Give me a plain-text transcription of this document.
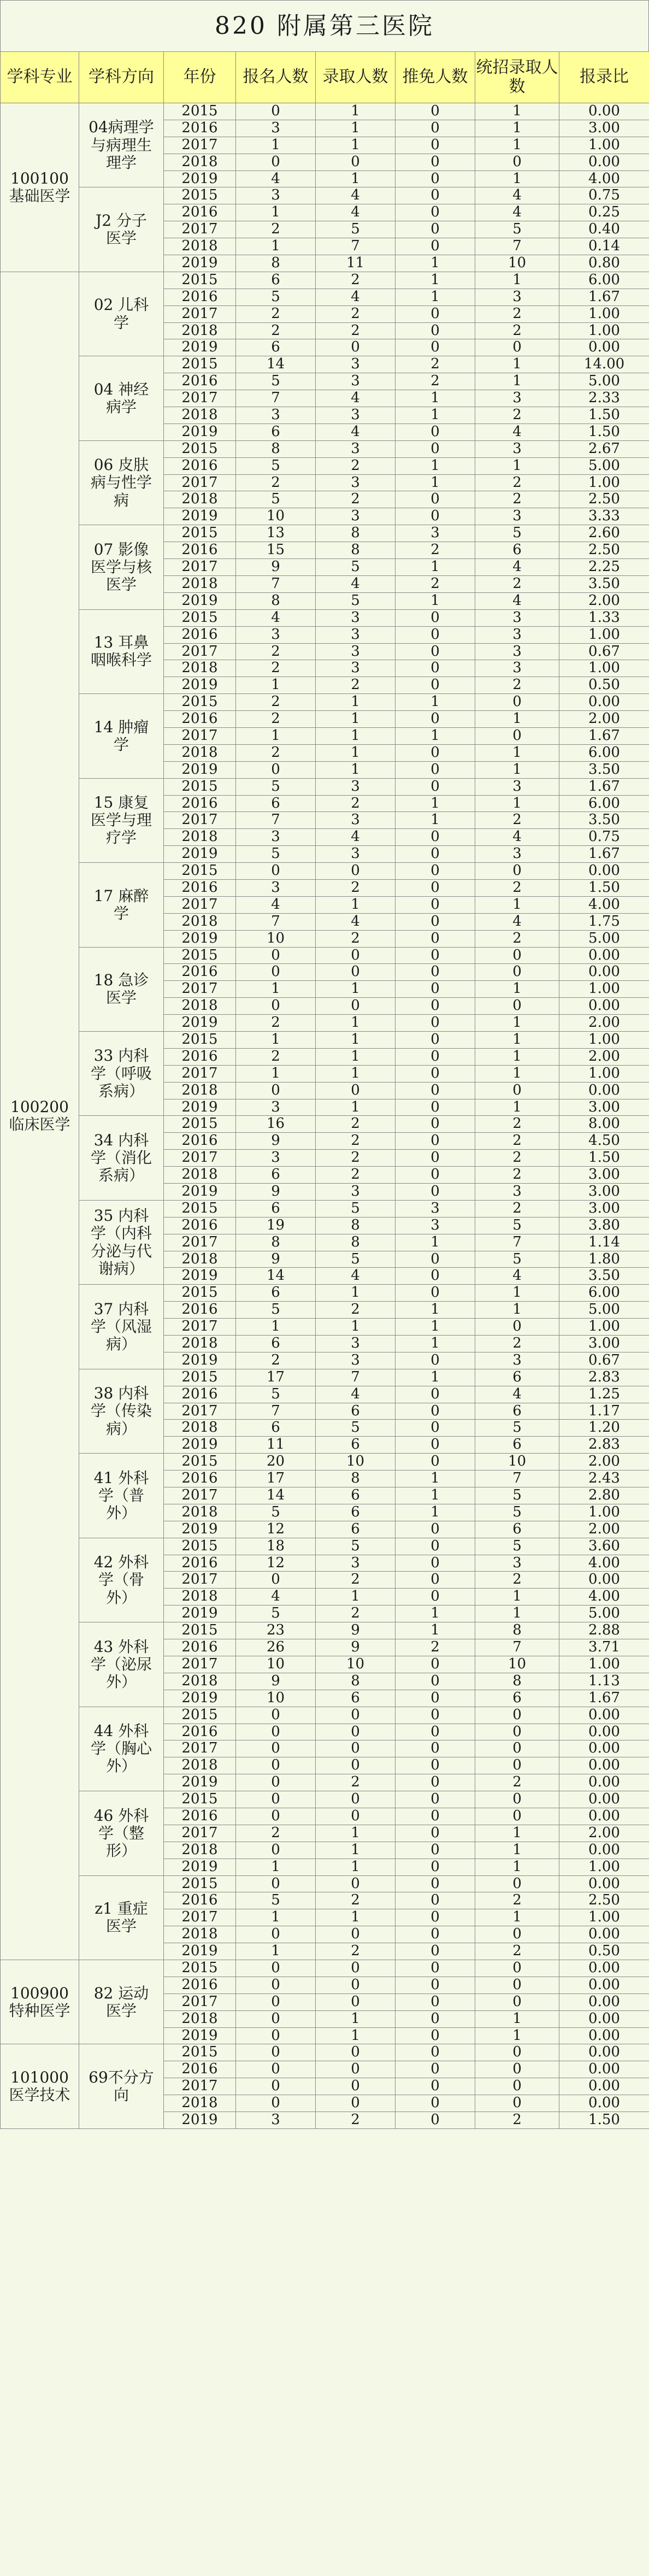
820 附属第三医院
学科专业	学科方向	年份	报名人数	录取人数	推免人数	统招录取人数	报录比
100100
基础医学	04病理学
与病理生
理学	2015	0	1	0	1	0.00
		2016	3	1	0	1	3.00
		2017	1	1	0	1	1.00
		2018	0	0	0	0	0.00
		2019	4	1	0	1	4.00
	J2 分子
医学	2015	3	4	0	4	0.75
		2016	1	4	0	4	0.25
		2017	2	5	0	5	0.40
		2018	1	7	0	7	0.14
		2019	8	11	1	10	0.80
100200
临床医学	02 儿科
学	2015	6	2	1	1	6.00
		2016	5	4	1	3	1.67
		2017	2	2	0	2	1.00
		2018	2	2	0	2	1.00
		2019	6	0	0	0	0.00
	04 神经
病学	2015	14	3	2	1	14.00
		2016	5	3	2	1	5.00
		2017	7	4	1	3	2.33
		2018	3	3	1	2	1.50
		2019	6	4	0	4	1.50
	06 皮肤
病与性学
病	2015	8	3	0	3	2.67
		2016	5	2	1	1	5.00
		2017	2	3	1	2	1.00
		2018	5	2	0	2	2.50
		2019	10	3	0	3	3.33
	07 影像
医学与核
医学	2015	13	8	3	5	2.60
		2016	15	8	2	6	2.50
		2017	9	5	1	4	2.25
		2018	7	4	2	2	3.50
		2019	8	5	1	4	2.00
	13 耳鼻
咽喉科学	2015	4	3	0	3	1.33
		2016	3	3	0	3	1.00
		2017	2	3	0	3	0.67
		2018	2	3	0	3	1.00
		2019	1	2	0	2	0.50
	14 肿瘤
学	2015	2	1	1	0	0.00
		2016	2	1	0	1	2.00
		2017	1	1	1	0	1.67
		2018	2	1	0	1	6.00
		2019	0	1	0	1	3.50
	15 康复
医学与理
疗学	2015	5	3	0	3	1.67
		2016	6	2	1	1	6.00
		2017	7	3	1	2	3.50
		2018	3	4	0	4	0.75
		2019	5	3	0	3	1.67
	17 麻醉
学	2015	0	0	0	0	0.00
		2016	3	2	0	2	1.50
		2017	4	1	0	1	4.00
		2018	7	4	0	4	1.75
		2019	10	2	0	2	5.00
	18 急诊
医学	2015	0	0	0	0	0.00
		2016	0	0	0	0	0.00
		2017	1	1	0	1	1.00
		2018	0	0	0	0	0.00
		2019	2	1	0	1	2.00
	33 内科
学（呼吸
系病）	2015	1	1	0	1	1.00
		2016	2	1	0	1	2.00
		2017	1	1	0	1	1.00
		2018	0	0	0	0	0.00
		2019	3	1	0	1	3.00
	34 内科
学（消化
系病）	2015	16	2	0	2	8.00
		2016	9	2	0	2	4.50
		2017	3	2	0	2	1.50
		2018	6	2	0	2	3.00
		2019	9	3	0	3	3.00
	35 内科
学（内科
分泌与代
谢病）	2015	6	5	3	2	3.00
		2016	19	8	3	5	3.80
		2017	8	8	1	7	1.14
		2018	9	5	0	5	1.80
		2019	14	4	0	4	3.50
	37 内科
学（风湿
病）	2015	6	1	0	1	6.00
		2016	5	2	1	1	5.00
		2017	1	1	1	0	1.00
		2018	6	3	1	2	3.00
		2019	2	3	0	3	0.67
	38 内科
学（传染
病）	2015	17	7	1	6	2.83
		2016	5	4	0	4	1.25
		2017	7	6	0	6	1.17
		2018	6	5	0	5	1.20
		2019	11	6	0	6	2.83
	41 外科
学（普
外）	2015	20	10	0	10	2.00
		2016	17	8	1	7	2.43
		2017	14	6	1	5	2.80
		2018	5	6	1	5	1.00
		2019	12	6	0	6	2.00
	42 外科
学（骨
外）	2015	18	5	0	5	3.60
		2016	12	3	0	3	4.00
		2017	0	2	0	2	0.00
		2018	4	1	0	1	4.00
		2019	5	2	1	1	5.00
	43 外科
学（泌尿
外）	2015	23	9	1	8	2.88
		2016	26	9	2	7	3.71
		2017	10	10	0	10	1.00
		2018	9	8	0	8	1.13
		2019	10	6	0	6	1.67
	44 外科
学（胸心
外）	2015	0	0	0	0	0.00
		2016	0	0	0	0	0.00
		2017	0	0	0	0	0.00
		2018	0	0	0	0	0.00
		2019	0	2	0	2	0.00
	46 外科
学（整
形）	2015	0	0	0	0	0.00
		2016	0	0	0	0	0.00
		2017	2	1	0	1	2.00
		2018	0	1	0	1	0.00
		2019	1	1	0	1	1.00
	z1 重症
医学	2015	0	0	0	0	0.00
		2016	5	2	0	2	2.50
		2017	1	1	0	1	1.00
		2018	0	0	0	0	0.00
		2019	1	2	0	2	0.50
100900
特种医学	82 运动
医学	2015	0	0	0	0	0.00
		2016	0	0	0	0	0.00
		2017	0	0	0	0	0.00
		2018	0	1	0	1	0.00
		2019	0	1	0	1	0.00
101000
医学技术	69不分方
向	2015	0	0	0	0	0.00
		2016	0	0	0	0	0.00
		2017	0	0	0	0	0.00
		2018	0	0	0	0	0.00
		2019	3	2	0	2	1.50
